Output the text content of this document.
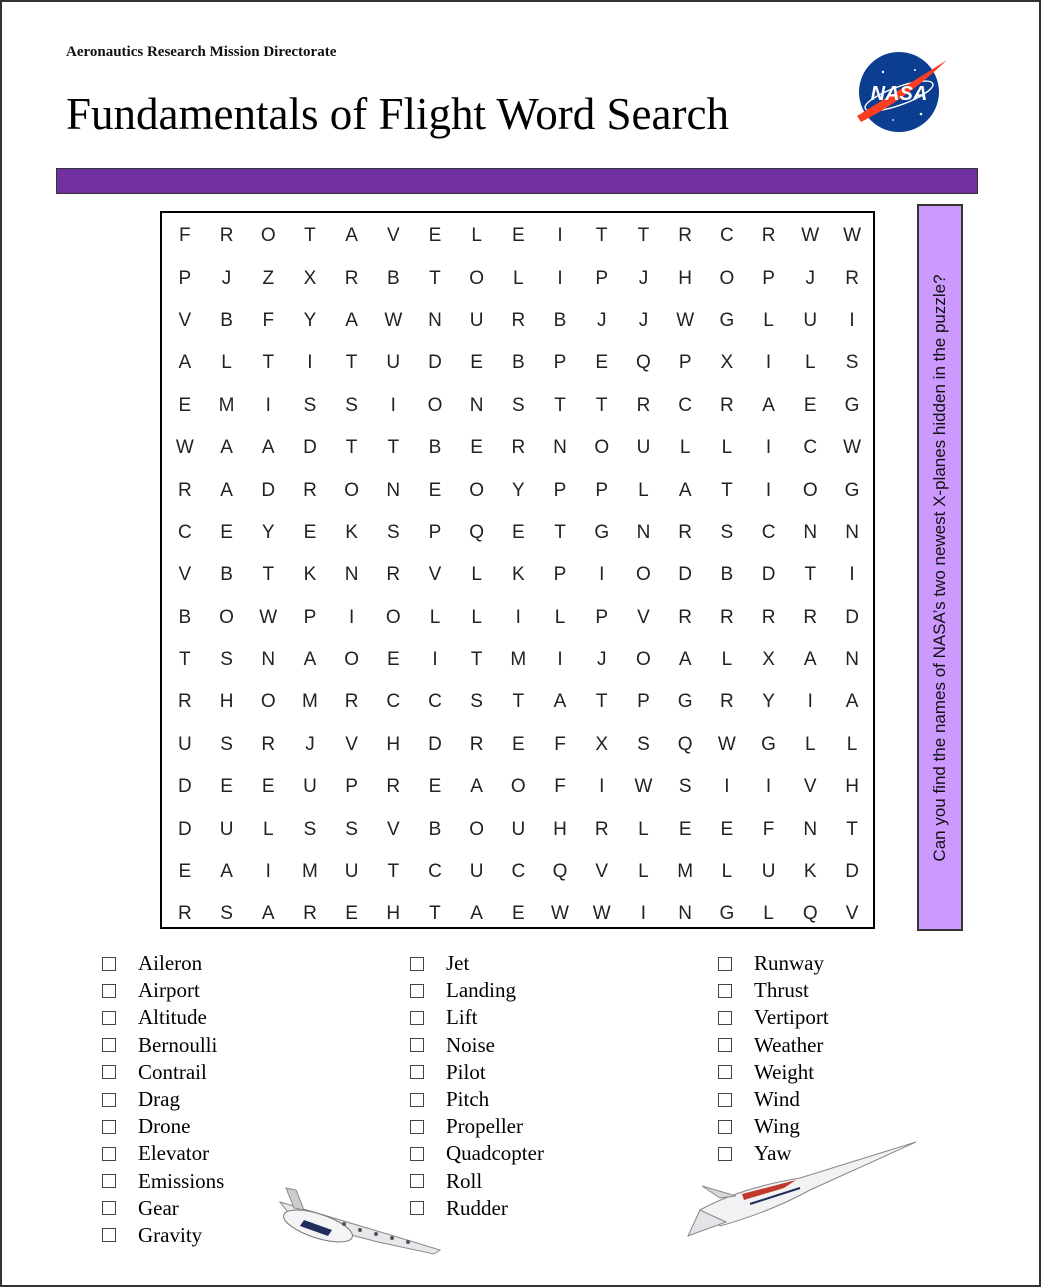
Aeronautics Research Mission Directorate
Fundamentals of Flight Word Search	NASA
F	R	O	T	A	V	E	L	E	I	T	T	R	C	R	W	W
P	J	Z	X	R	B	T	O	L	I	P	J	H	O	P	J	R
V	B	F	Y	A	W	N	U	R	B	J	J	W	G	L	U	I
A	L	T	I	T	U	D	E	B	P	E	Q	P	X	I	L	S
E	M	I	S	S	I	O	N	S	T	T	R	C	R	A	E	G
W	A	A	D	T	T	B	E	R	N	O	U	L	L	I	C	W
R	A	D	R	O	N	E	O	Y	P	P	L	A	T	I	O	G
C	E	Y	E	K	S	P	Q	E	T	G	N	R	S	C	N	N
V	B	T	K	N	R	V	L	K	P	I	O	D	B	D	T	I
B	O	W	P	I	O	L	L	I	L	P	V	R	R	R	R	D
T	S	N	A	O	E	I	T	M	I	J	O	A	L	X	A	N
R	H	O	M	R	C	C	S	T	A	T	P	G	R	Y	I	A
U	S	R	J	V	H	D	R	E	F	X	S	Q	W	G	L	L
D	E	E	U	P	R	E	A	O	F	I	W	S	I	I	V	H
D	U	L	S	S	V	B	O	U	H	R	L	E	E	F	N	T
E	A	I	M	U	T	C	U	C	Q	V	L	M	L	U	K	D
R	S	A	R	E	H	T	A	E	W	W	I	N	G	L	Q	V
Can you find the names of NASA’s two newest X-planes hidden in the puzzle?
Aileron
Airport
Altitude
Bernoulli
Contrail
Drag
Drone
Elevator
Emissions
Gear
Gravity
Jet
Landing
Lift
Noise
Pilot
Pitch
Propeller
Quadcopter
Roll
Rudder
Runway
Thrust
Vertiport
Weather
Weight
Wind
Wing
Yaw
